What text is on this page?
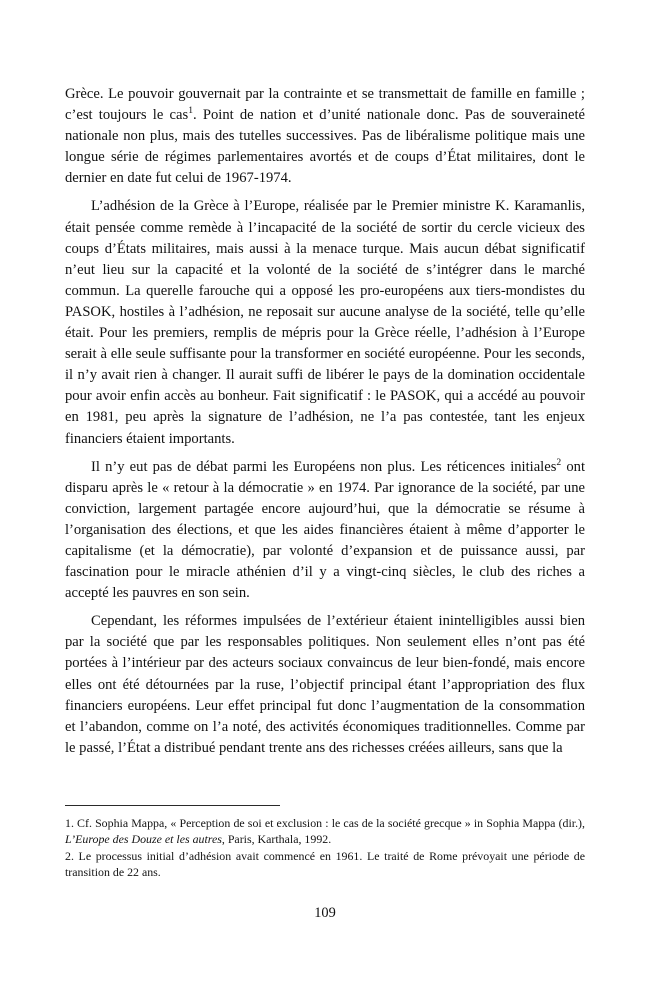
Grèce. Le pouvoir gouvernait par la contrainte et se transmettait de famille en famille ; c’est toujours le cas$^1$. Point de nation et d’unité nationale donc. Pas de souveraineté nationale non plus, mais des tutelles successives. Pas de libéralisme politique mais une longue série de régimes parlementaires avortés et de coups d’État militaires, dont le dernier en date fut celui de 1967-1974.

L’adhésion de la Grèce à l’Europe, réalisée par le Premier ministre K. Karamanlis, était pensée comme remède à l’incapacité de la société de sortir du cercle vicieux des coups d’États militaires, mais aussi à la menace turque. Mais aucun débat significatif n’eut lieu sur la capacité et la volonté de la société de s’intégrer dans le marché commun. La querelle farouche qui a opposé les pro-européens aux tiers-mondistes du PASOK, hostiles à l’adhésion, ne reposait sur aucune analyse de la société, telle qu’elle était. Pour les premiers, remplis de mépris pour la Grèce réelle, l’adhésion à l’Europe serait à elle seule suffisante pour la transformer en société européenne. Pour les seconds, il n’y avait rien à changer. Il aurait suffi de libérer le pays de la domination occidentale pour avoir enfin accès au bonheur. Fait significatif : le PASOK, qui a accédé au pouvoir en 1981, peu après la signature de l’adhésion, ne l’a pas contestée, tant les enjeux financiers étaient importants.

Il n’y eut pas de débat parmi les Européens non plus. Les réticences initiales$^2$ ont disparu après le « retour à la démocratie » en 1974. Par ignorance de la société, par une conviction, largement partagée encore aujourd’hui, que la démocratie se résume à l’organisation des élections, et que les aides financières étaient à même d’apporter le capitalisme (et la démocratie), par volonté d’expansion et de puissance aussi, par fascination pour le miracle athénien d’il y a vingt-cinq siècles, le club des riches a accepté les pauvres en son sein.

Cependant, les réformes impulsées de l’extérieur étaient inintelligibles aussi bien par la société que par les responsables politiques. Non seulement elles n’ont pas été portées à l’intérieur par des acteurs sociaux convaincus de leur bien-fondé, mais encore elles ont été détournées par la ruse, l’objectif principal étant l’appropriation des flux financiers européens. Leur effet principal fut donc l’augmentation de la consommation et l’abandon, comme on l’a noté, des activités économiques traditionnelles. Comme par le passé, l’État a distribué pendant trente ans des richesses créées ailleurs, sans que la

1. Cf. Sophia Mappa, « Perception de soi et exclusion : le cas de la société grecque » in Sophia Mappa (dir.), L’Europe des Douze et les autres, Paris, Karthala, 1992.

2. Le processus initial d’adhésion avait commencé en 1961. Le traité de Rome prévoyait une période de transition de 22 ans.

109
